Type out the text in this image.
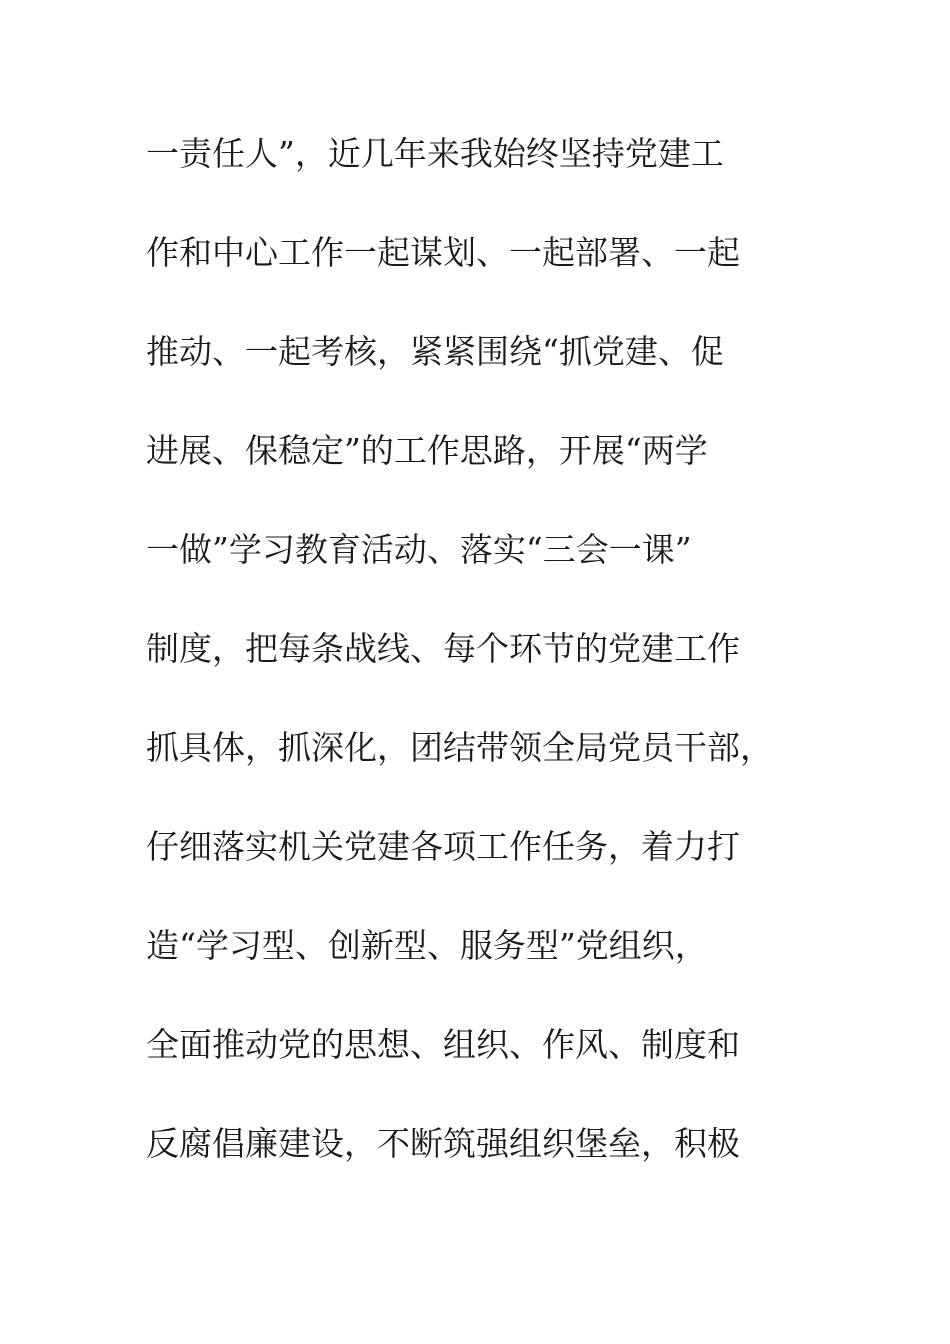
一责任人”，近几年来我始终坚持党建工
作和中心工作一起谋划、一起部署、一起
推动、一起考核，紧紧围绕“抓党建、促
进展、保稳定”的工作思路，开展“两学
一做”学习教育活动、落实“三会一课”
制度，把每条战线、每个环节的党建工作
抓具体，抓深化，团结带领全局党员干部，
仔细落实机关党建各项工作任务，着力打
造“学习型、创新型、服务型”党组织，
全面推动党的思想、组织、作风、制度和
反腐倡廉建设，不断筑强组织堡垒，积极
